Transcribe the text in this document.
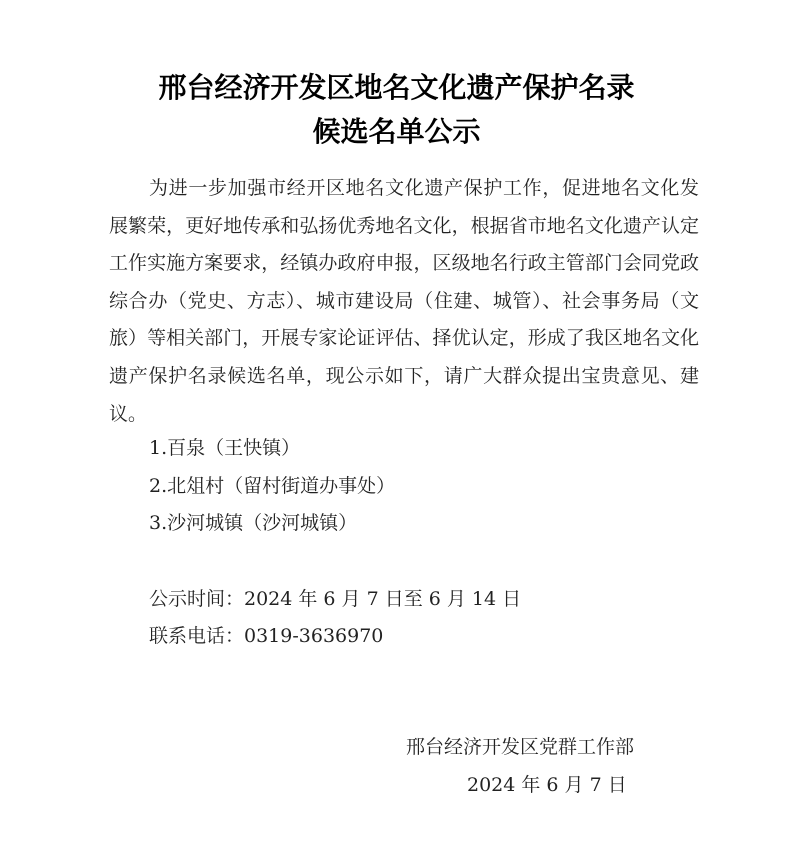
邢台经济开发区地名文化遗产保护名录
候选名单公示

为进一步加强市经开区地名文化遗产保护工作，促进地名文化发展繁荣，更好地传承和弘扬优秀地名文化，根据省市地名文化遗产认定工作实施方案要求，经镇办政府申报，区级地名行政主管部门会同党政综合办（党史、方志）、城市建设局（住建、城管）、社会事务局（文旅）等相关部门，开展专家论证评估、择优认定，形成了我区地名文化遗产保护名录候选名单，现公示如下，请广大群众提出宝贵意见、建议。

1.百泉（王快镇）
2.北俎村（留村街道办事处）
3.沙河城镇（沙河城镇）
公示时间：2024 年 6 月 7 日至 6 月 14 日
联系电话：0319-3636970
邢台经济开发区党群工作部
2024 年 6 月 7 日
